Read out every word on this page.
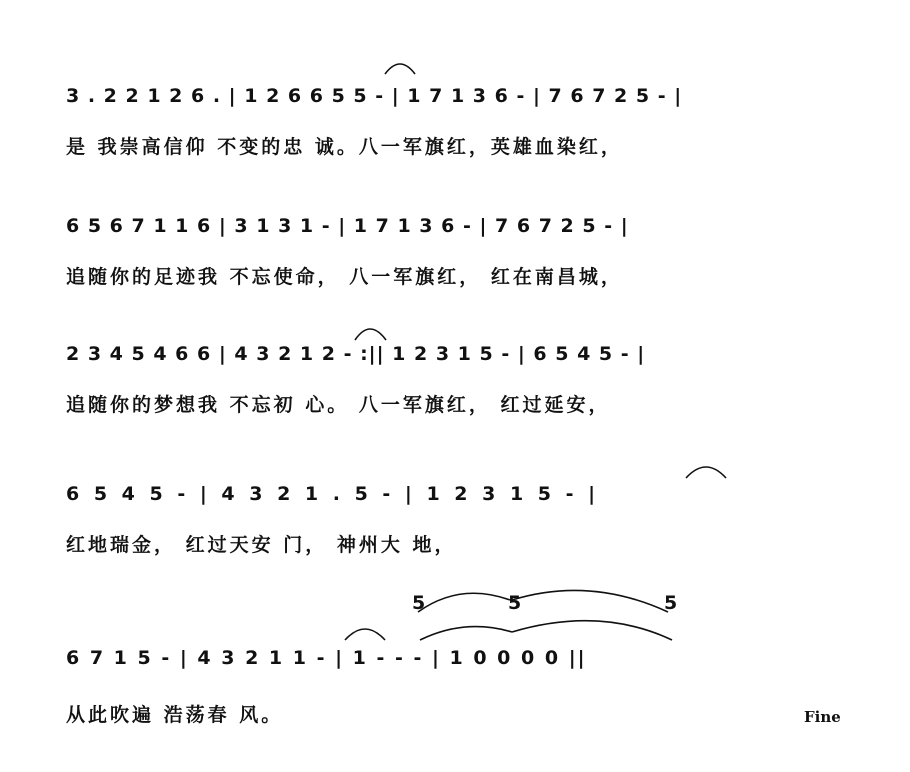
3 . 2 2 1 2 6 . | 1 2 6 6 5 5 - | 1 7 1 3 6 - | 7 6 7 2 5 - |
是 我崇高信仰 不变的忠 诚。八一军旗红，英雄血染红，
6 5 6 7 1 1 6 | 3 1 3 1 - | 1 7 1 3 6 - | 7 6 7 2 5 - |
追随你的足迹我 不忘使命， 八一军旗红， 红在南昌城，
2 3 4 5 4 6 6 | 4 3 2 1 2 - :|| 1 2 3 1 5 - | 6 5 4 5 - |
追随你的梦想我 不忘初 心。 八一军旗红， 红过延安，
6 5 4 5 - | 4 3 2 1 . 5 - | 1 2 3 1 5 - |
红地瑞金， 红过天安 门， 神州大 地，
6 7 1 5 - | 4 3 2 1 1 - | 1 - - - | 1 0 0 0 0 ||
从此吹遍 浩荡春 风。	Fine
5	5	5
